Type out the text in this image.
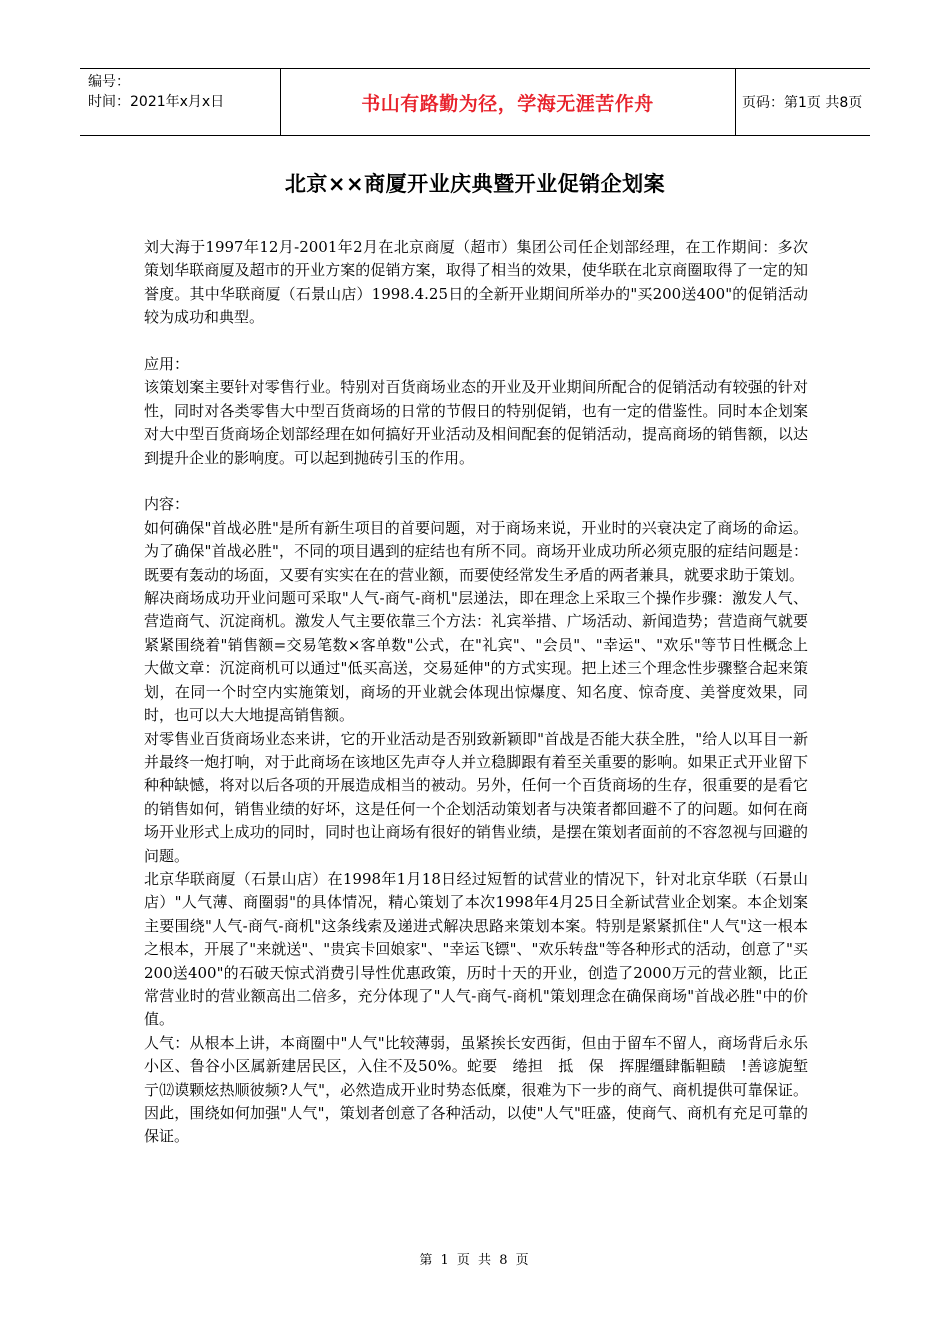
编号：
时间：2021年x月x日	书山有路勤为径，学海无涯苦作舟	页码：第1页 共8页
北京××商厦开业庆典暨开业促销企划案

刘大海于1997年12月-2001年2月在北京商厦（超市）集团公司任企划部经理，在工作期间：多次策划华联商厦及超市的开业方案的促销方案，取得了相当的效果，使华联在北京商圈取得了一定的知誉度。其中华联商厦（石景山店）1998.4.25日的全新开业期间所举办的"买200送400"的促销活动较为成功和典型。

应用：

该策划案主要针对零售行业。特别对百货商场业态的开业及开业期间所配合的促销活动有较强的针对性，同时对各类零售大中型百货商场的日常的节假日的特别促销，也有一定的借鉴性。同时本企划案对大中型百货商场企划部经理在如何搞好开业活动及相间配套的促销活动，提高商场的销售额，以达到提升企业的影响度。可以起到抛砖引玉的作用。

内容：

如何确保"首战必胜"是所有新生项目的首要问题，对于商场来说，开业时的兴衰决定了商场的命运。为了确保"首战必胜"，不同的项目遇到的症结也有所不同。商场开业成功所必须克服的症结问题是：既要有轰动的场面，又要有实实在在的营业额，而要使经常发生矛盾的两者兼具，就要求助于策划。

解决商场成功开业问题可采取"人气-商气-商机"层递法，即在理念上采取三个操作步骤：激发人气、营造商气、沉淀商机。激发人气主要依靠三个方法：礼宾举措、广场活动、新闻造势；营造商气就要紧紧围绕着"销售额=交易笔数×客单数"公式，在"礼宾"、"会员"、"幸运"、"欢乐"等节日性概念上大做文章：沉淀商机可以通过"低买高送，交易延伸"的方式实现。把上述三个理念性步骤整合起来策划，在同一个时空内实施策划，商场的开业就会体现出惊爆度、知名度、惊奇度、美誉度效果，同时，也可以大大地提高销售额。

对零售业百货商场业态来讲，它的开业活动是否别致新颖即"首战是否能大获全胜，"给人以耳目一新并最终一炮打响，对于此商场在该地区先声夺人并立稳脚跟有着至关重要的影响。如果正式开业留下种种缺憾，将对以后各项的开展造成相当的被动。另外，任何一个百货商场的生存，很重要的是看它的销售如何，销售业绩的好坏，这是任何一个企划活动策划者与决策者都回避不了的问题。如何在商场开业形式上成功的同时，同时也让商场有很好的销售业绩，是摆在策划者面前的不容忽视与回避的问题。

北京华联商厦（石景山店）在1998年1月18日经过短暂的试营业的情况下，针对北京华联（石景山店）"人气薄、商圈弱"的具体情况，精心策划了本次1998年4月25日全新试营业企划案。本企划案主要围绕"人气-商气-商机"这条线索及递进式解决思路来策划本案。特别是紧紧抓住"人气"这一根本之根本，开展了"来就送"、"贵宾卡回娘家"、"幸运飞镖"、"欢乐转盘"等各种形式的活动，创意了"买200送400"的石破天惊式消费引导性优惠政策，历时十天的开业，创造了2000万元的营业额，比正常营业时的营业额高出二倍多，充分体现了"人气-商气-商机"策划理念在确保商场"首战必胜"中的价值。

人气：从根本上讲，本商圈中"人气"比较薄弱，虽紧挨长安西街，但由于留车不留人，商场背后永乐小区、鲁谷小区属新建居民区，入住不及50%。蛇要　绻担　抵　保　挥腥缰肆骺靼赜　!善谚旎堑亍⑿谟颗炫热顺彼频?人气"，必然造成开业时势态低糜，很难为下一步的商气、商机提供可靠保证。因此，围绕如何加强"人气"，策划者创意了各种活动，以使"人气"旺盛，使商气、商机有充足可靠的保证。

第 1 页 共 8 页
